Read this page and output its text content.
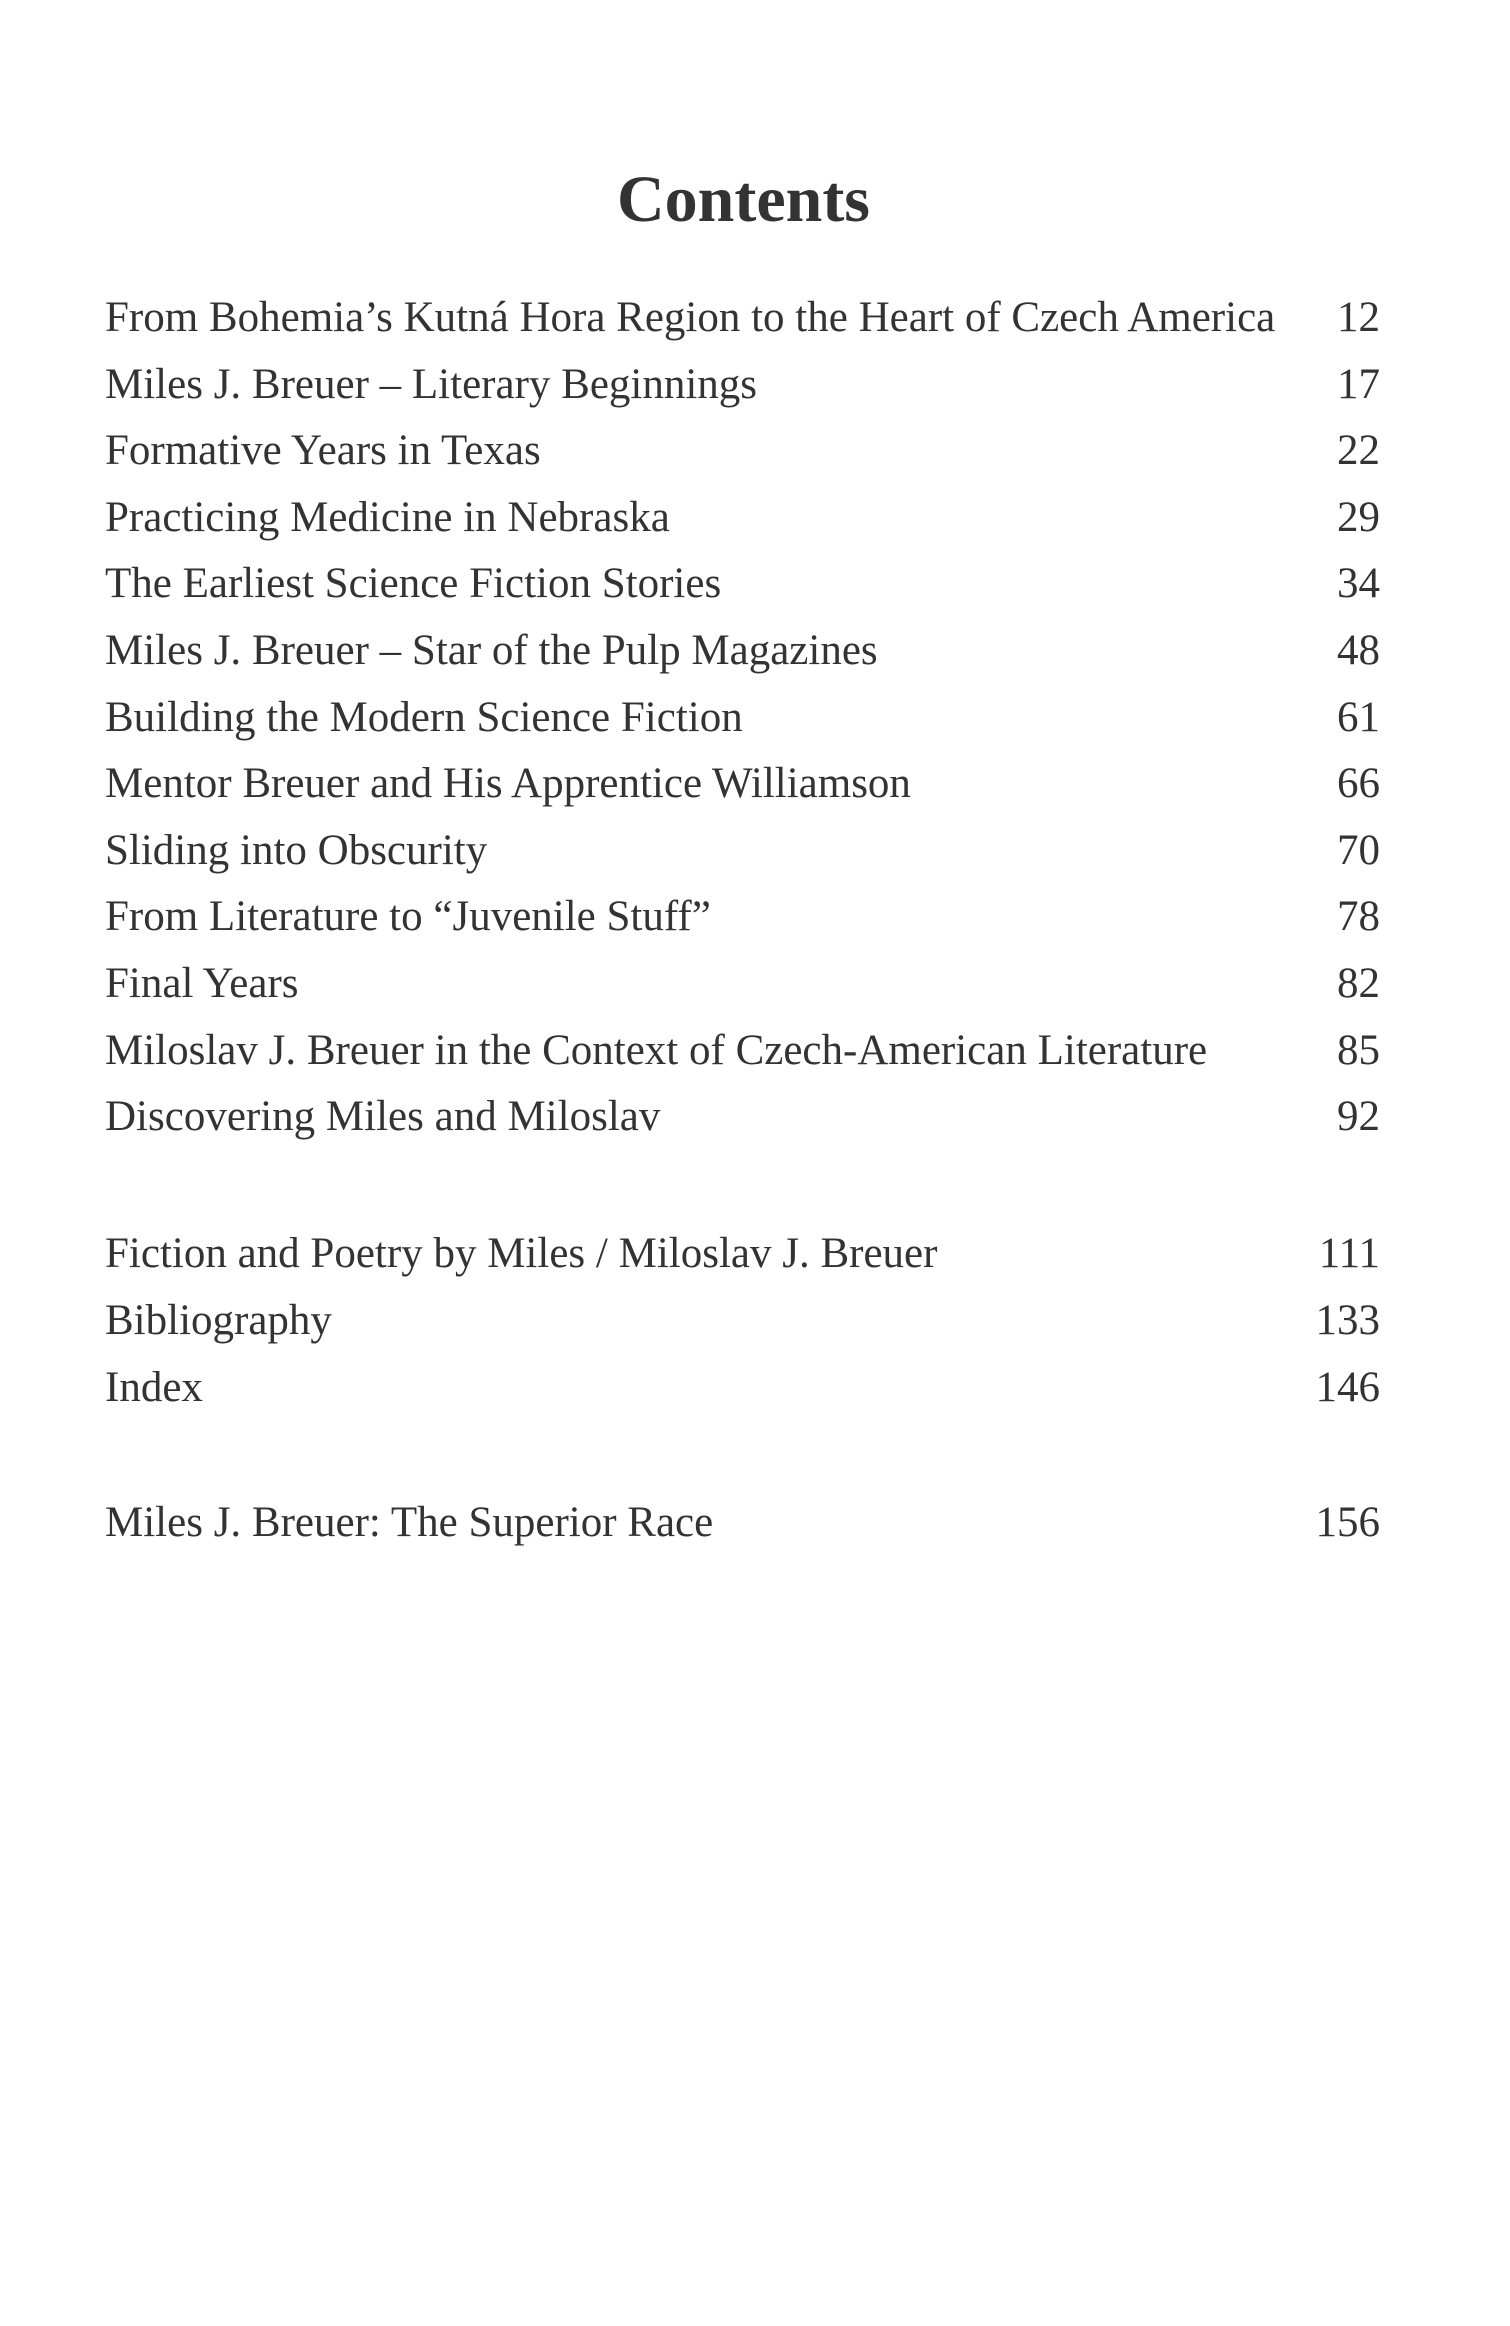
Contents
From Bohemia’s Kutná Hora Region to the Heart of Czech America	12
Miles J. Breuer – Literary Beginnings	17
Formative Years in Texas	22
Practicing Medicine in Nebraska	29
The Earliest Science Fiction Stories	34
Miles J. Breuer – Star of the Pulp Magazines	48
Building the Modern Science Fiction	61
Mentor Breuer and His Apprentice Williamson	66
Sliding into Obscurity	70
From Literature to “Juvenile Stuff”	78
Final Years	82
Miloslav J. Breuer in the Context of Czech-American Literature	85
Discovering Miles and Miloslav	92
Fiction and Poetry by Miles / Miloslav J. Breuer	111
Bibliography	133
Index	146
Miles J. Breuer: The Superior Race	156
